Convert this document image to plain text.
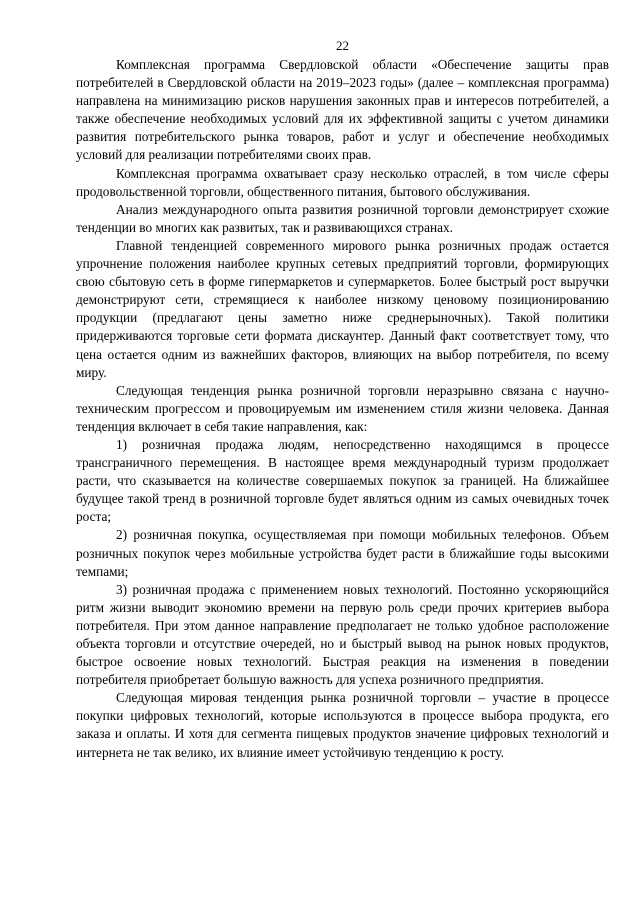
22

Комплексная программа Свердловской области «Обеспечение защиты прав потребителей в Свердловской области на 2019–2023 годы» (далее – комплексная программа) направлена на минимизацию рисков нарушения законных прав и интересов потребителей, а также обеспечение необходимых условий для их эффективной защиты с учетом динамики развития потребительского рынка товаров, работ и услуг и обеспечение необходимых условий для реализации потребителями своих прав.

Комплексная программа охватывает сразу несколько отраслей, в том числе сферы продовольственной торговли, общественного питания, бытового обслуживания.

Анализ международного опыта развития розничной торговли демонстрирует схожие тенденции во многих как развитых, так и развивающихся странах.

Главной тенденцией современного мирового рынка розничных продаж остается упрочнение положения наиболее крупных сетевых предприятий торговли, формирующих свою сбытовую сеть в форме гипермаркетов и супермаркетов. Более быстрый рост выручки демонстрируют сети, стремящиеся к наиболее низкому ценовому позиционированию продукции (предлагают цены заметно ниже среднерыночных). Такой политики придерживаются торговые сети формата дискаунтер. Данный факт соответствует тому, что цена остается одним из важнейших факторов, влияющих на выбор потребителя, по всему миру.

Следующая тенденция рынка розничной торговли неразрывно связана с научно-техническим прогрессом и провоцируемым им изменением стиля жизни человека. Данная тенденция включает в себя такие направления, как:

1) розничная продажа людям, непосредственно находящимся в процессе трансграничного перемещения. В настоящее время международный туризм продолжает расти, что сказывается на количестве совершаемых покупок за границей. На ближайшее будущее такой тренд в розничной торговле будет являться одним из самых очевидных точек роста;

2) розничная покупка, осуществляемая при помощи мобильных телефонов. Объем розничных покупок через мобильные устройства будет расти в ближайшие годы высокими темпами;

3) розничная продажа с применением новых технологий. Постоянно ускоряющийся ритм жизни выводит экономию времени на первую роль среди прочих критериев выбора потребителя. При этом данное направление предполагает не только удобное расположение объекта торговли и отсутствие очередей, но и быстрый вывод на рынок новых продуктов, быстрое освоение новых технологий. Быстрая реакция на изменения в поведении потребителя приобретает большую важность для успеха розничного предприятия.

Следующая мировая тенденция рынка розничной торговли – участие в процессе покупки цифровых технологий, которые используются в процессе выбора продукта, его заказа и оплаты. И хотя для сегмента пищевых продуктов значение цифровых технологий и интернета не так велико, их влияние имеет устойчивую тенденцию к росту.
